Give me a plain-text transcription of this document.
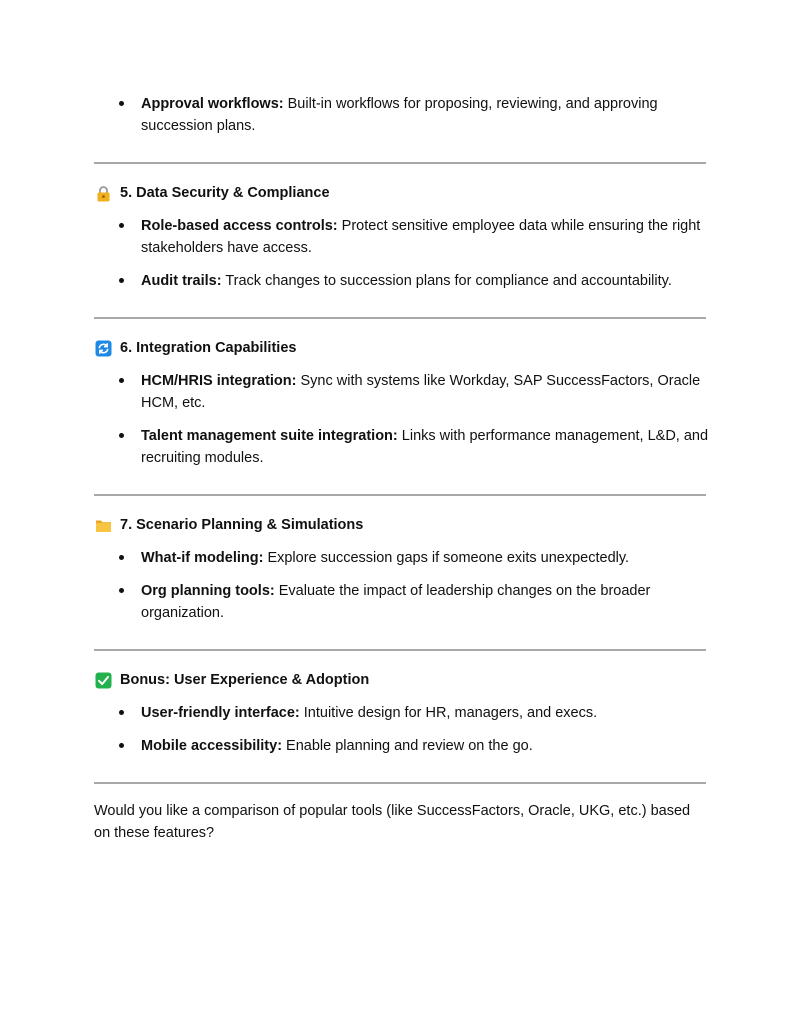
Approval workflows: Built-in workflows for proposing, reviewing, and approving succession plans.
5. Data Security & Compliance
Role-based access controls: Protect sensitive employee data while ensuring the right stakeholders have access.
Audit trails: Track changes to succession plans for compliance and accountability.
6. Integration Capabilities
HCM/HRIS integration: Sync with systems like Workday, SAP SuccessFactors, Oracle HCM, etc.
Talent management suite integration: Links with performance management, L&D, and recruiting modules.
7. Scenario Planning & Simulations
What-if modeling: Explore succession gaps if someone exits unexpectedly.
Org planning tools: Evaluate the impact of leadership changes on the broader organization.
Bonus: User Experience & Adoption
User-friendly interface: Intuitive design for HR, managers, and execs.
Mobile accessibility: Enable planning and review on the go.

Would you like a comparison of popular tools (like SuccessFactors, Oracle, UKG, etc.) based on these features?
